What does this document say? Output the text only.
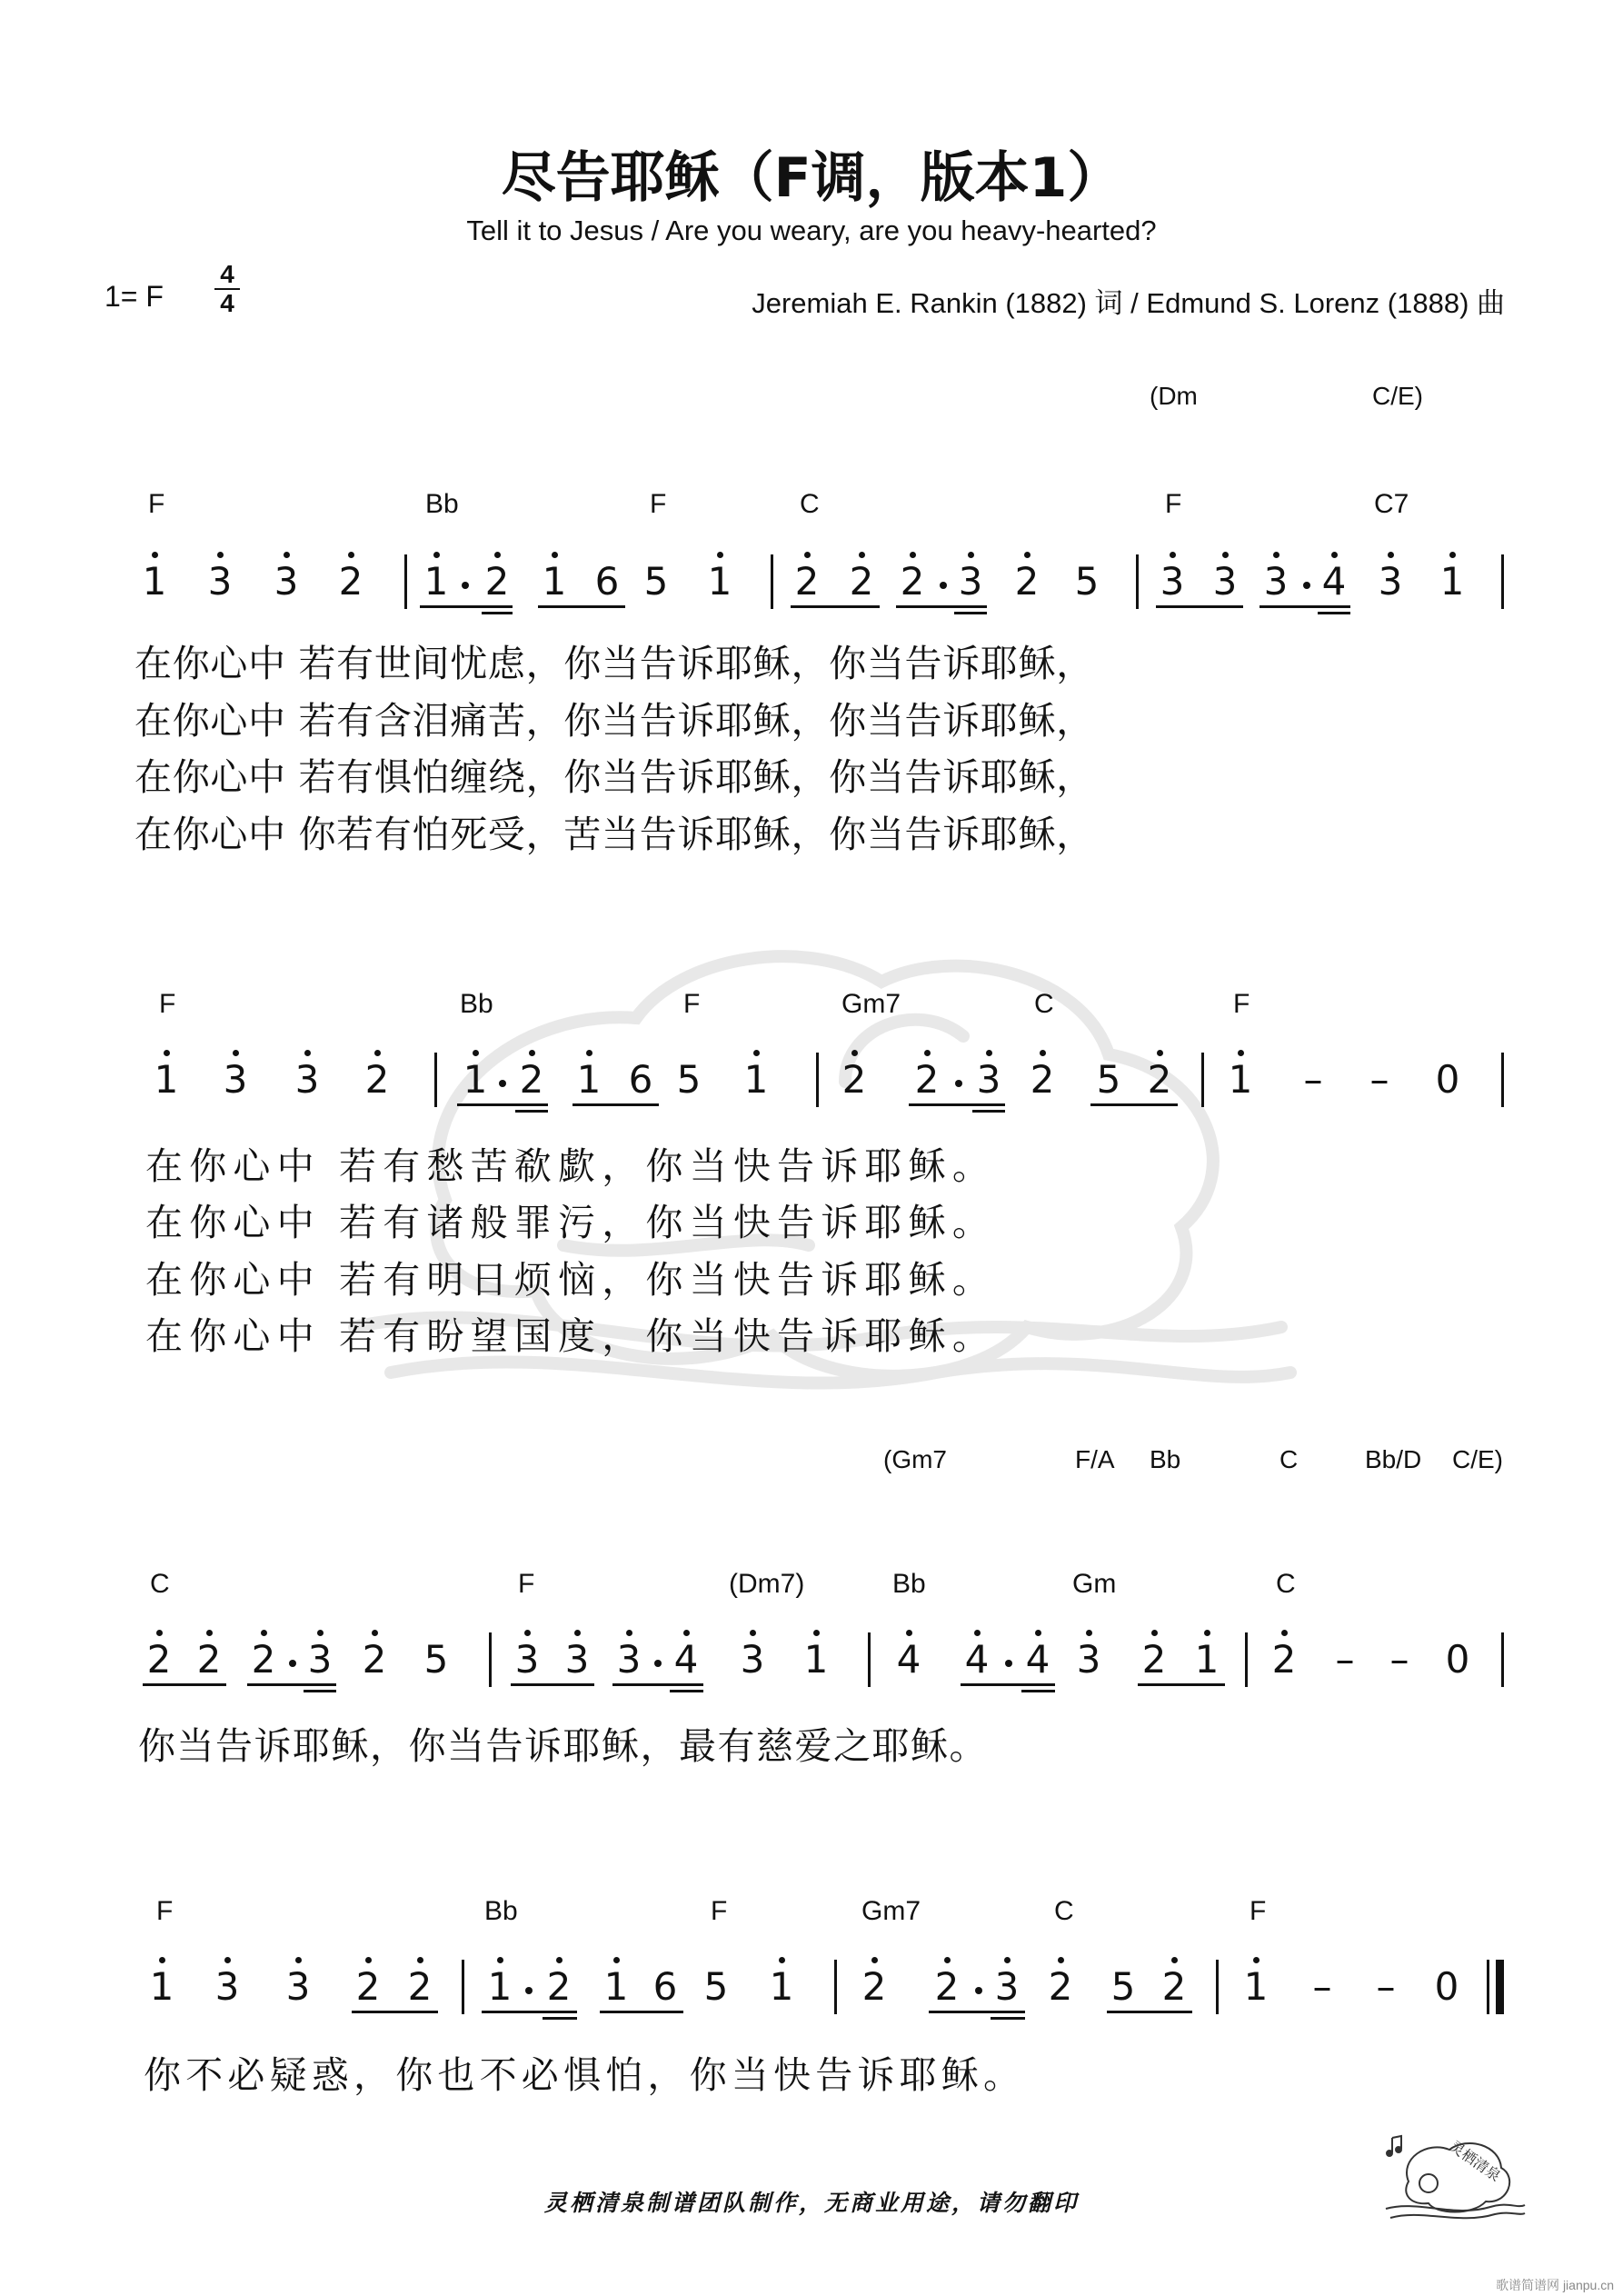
尽告耶稣（F调，版本1）
Tell it to Jesus / Are you weary, are you heavy-hearted?
1= F
4
4	Jeremiah E. Rankin (1882) 词 / Edmund S. Lorenz (1888) 曲
(Dm	C/E)
F	Bb	F	C	F	C7
1 3 3 2 1 2 1 6 5 1 2 2 2 3 2 5 3 3 3 4 3 1
在你心中 若有世间忧虑，你当告诉耶稣，你当告诉耶稣，
在你心中 若有含泪痛苦，你当告诉耶稣，你当告诉耶稣，
在你心中 若有惧怕缠绕，你当告诉耶稣，你当告诉耶稣，
在你心中 你若有怕死受，苦当告诉耶稣，你当告诉耶稣，
F	Bb	F	Gm7	C	F
1 3 3 2 1 2 1 6 5 1 2 2 3 2 5 2 1 – – 0
在你心中 若有愁苦欷歔，你当快告诉耶稣。
在你心中 若有诸般罪污，你当快告诉耶稣。
在你心中 若有明日烦恼，你当快告诉耶稣。
在你心中 若有盼望国度，你当快告诉耶稣。
(Gm7	F/A Bb	C	Bb/D C/E)
C	F	(Dm7)	Bb	Gm	C
2 2 2 3 2 5 3 3 3 4 3 1 4 4 4 3 2 1 2 – – 0
你当告诉耶稣，你当告诉耶稣，最有慈爱之耶稣。
F	Bb	F	Gm7	C	F
1 3 3 2 2 1 2 1 6 5 1 2 2 3 2 5 2 1 – – 0
你不必疑惑，你也不必惧怕，你当快告诉耶稣。
灵栖清泉制谱团队制作，无商业用途，请勿翻印
灵栖清泉
歌谱简谱网 jianpu.cn
